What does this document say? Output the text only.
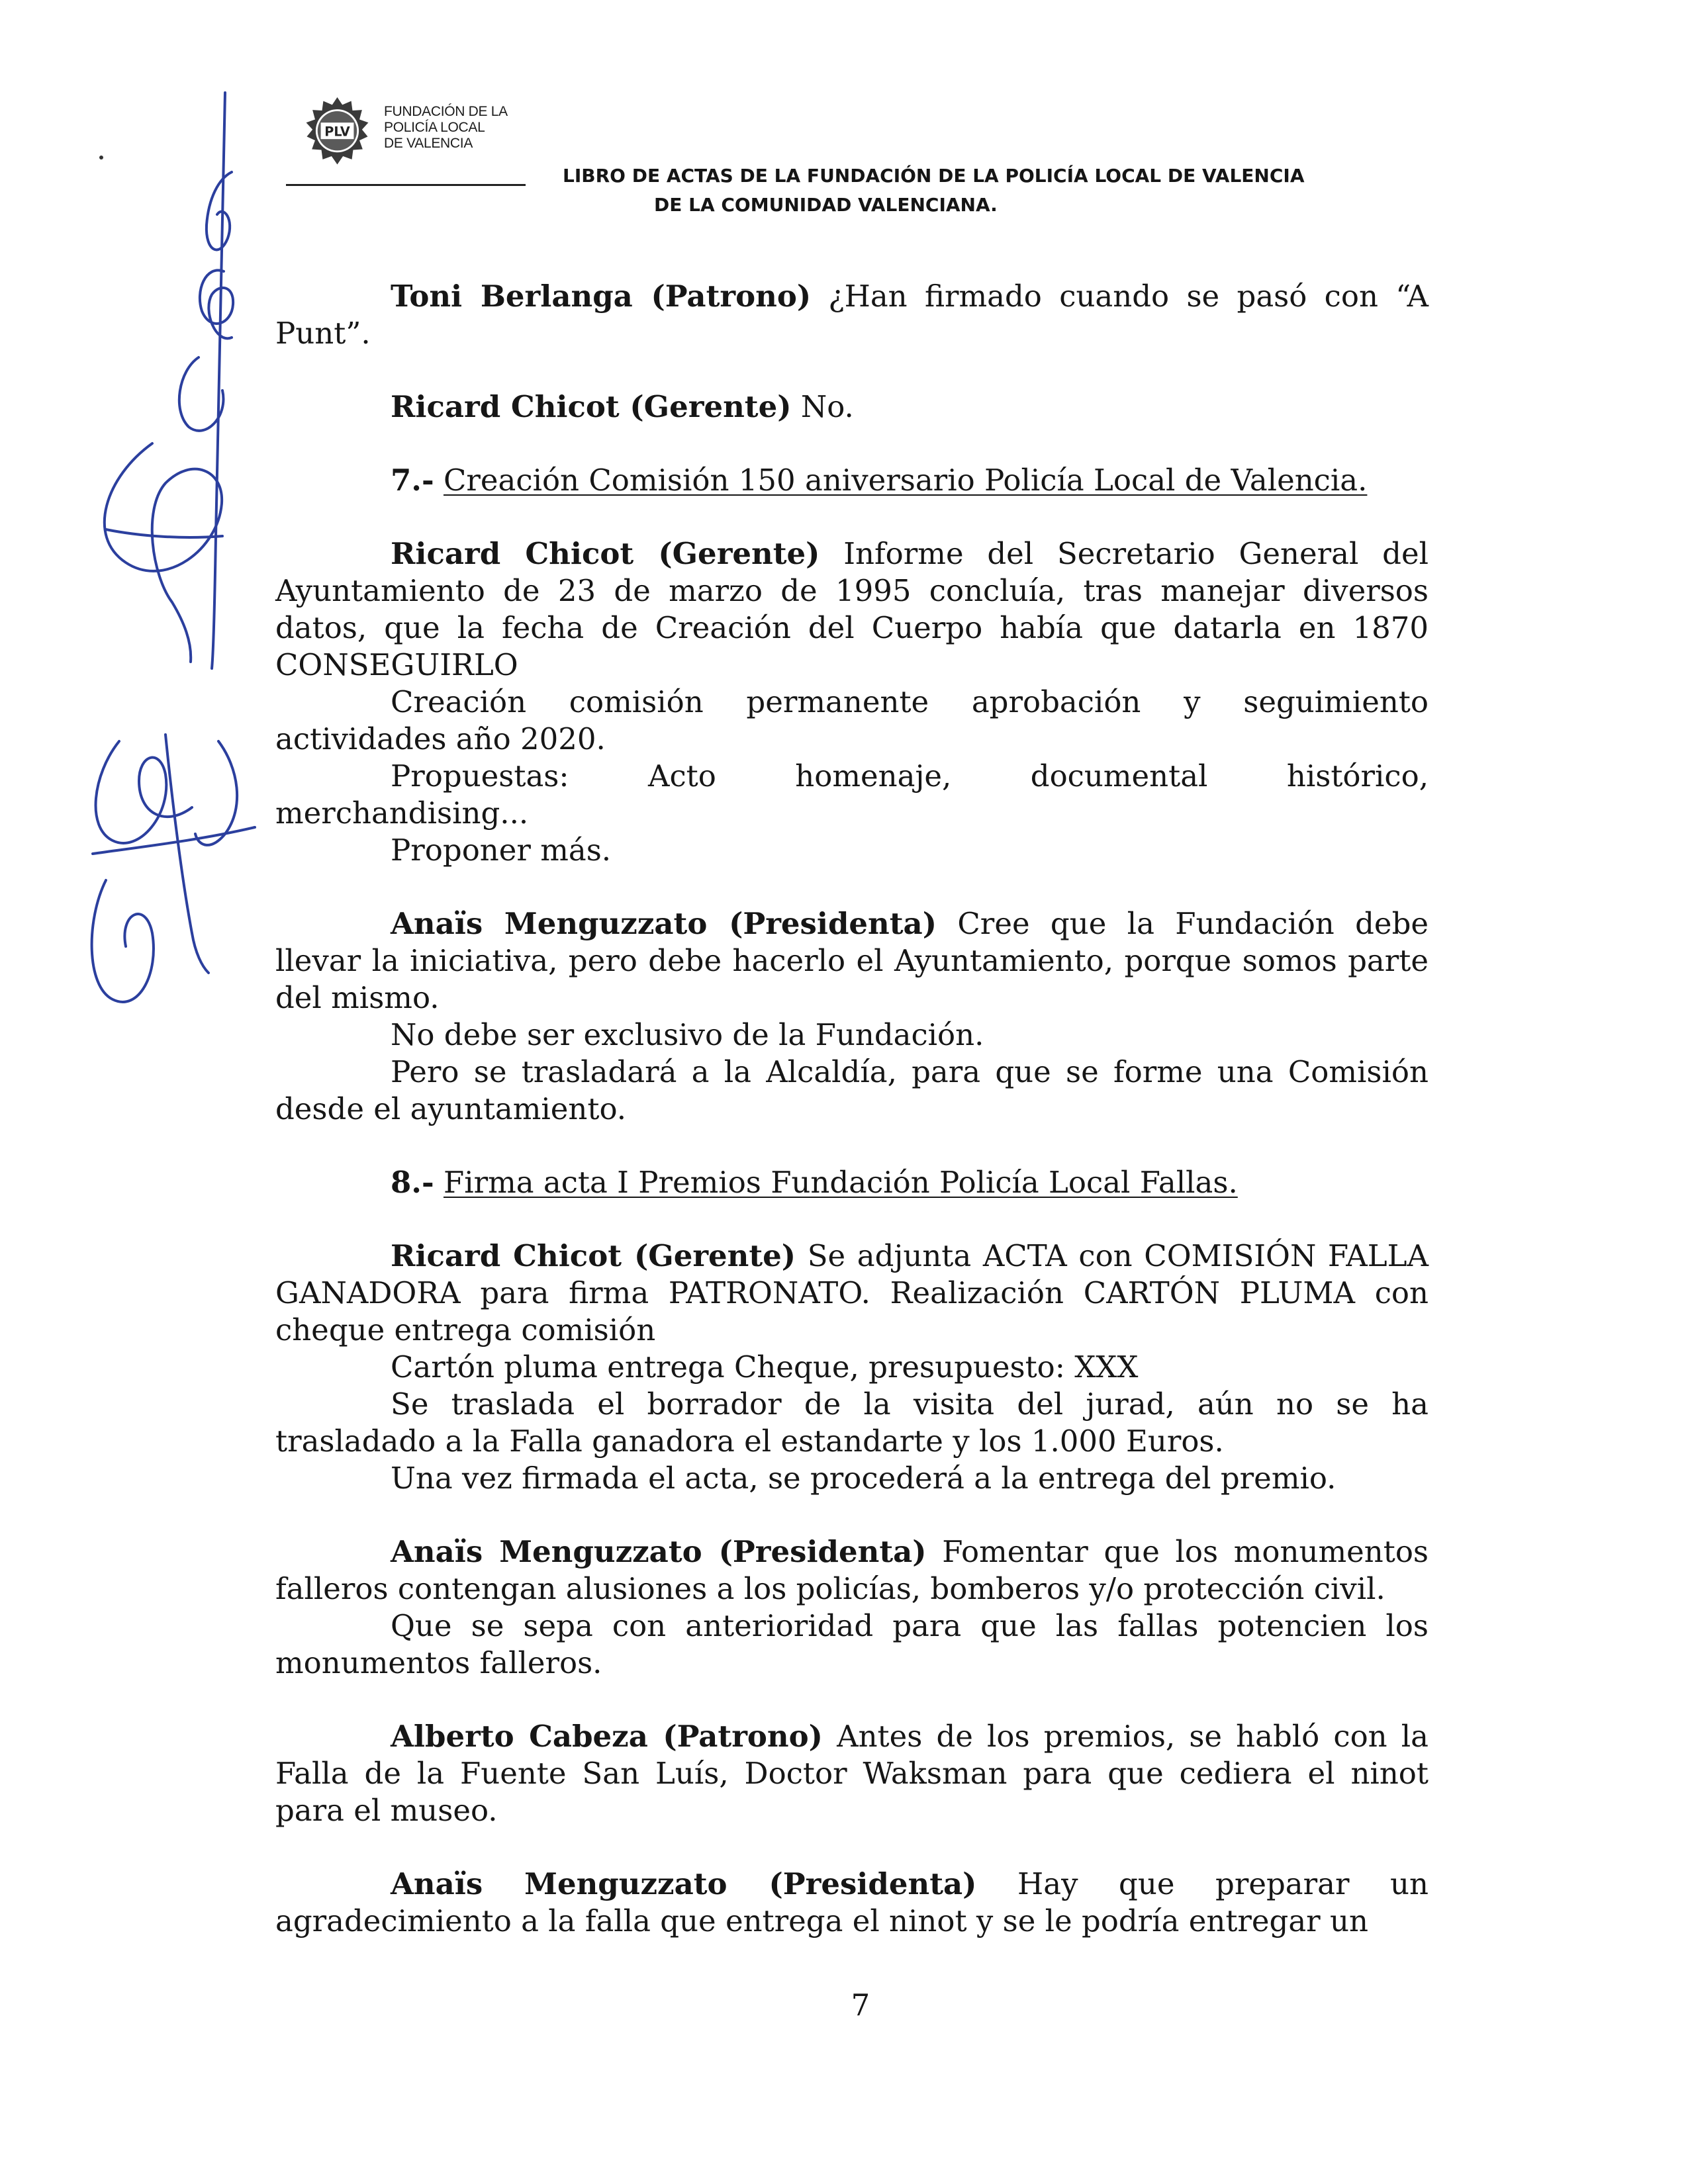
PLV
FUNDACIÓN DE LA
POLICÍA LOCAL
DE VALENCIA
LIBRO DE ACTAS DE LA FUNDACIÓN DE LA POLICÍA LOCAL DE VALENCIA
DE LA COMUNIDAD VALENCIANA.

Toni Berlanga (Patrono) ¿Han firmado cuando se pasó con “A Punt”.

Ricard Chicot (Gerente) No.

7.- Creación Comisión 150 aniversario Policía Local de Valencia.

Ricard Chicot (Gerente) Informe del Secretario General del Ayuntamiento de 23 de marzo de 1995 concluía, tras manejar diversos datos, que la fecha de Creación del Cuerpo había que datarla en 1870 CONSEGUIRLO

Creación comisión permanente aprobación y seguimiento

actividades año 2020.

Propuestas: Acto homenaje, documental histórico,

merchandising...

Proponer más.

Anaïs Menguzzato (Presidenta) Cree que la Fundación debe llevar la iniciativa, pero debe hacerlo el Ayuntamiento, porque somos parte del mismo.

No debe ser exclusivo de la Fundación.

Pero se trasladará a la Alcaldía, para que se forme una Comisión desde el ayuntamiento.

8.- Firma acta I Premios Fundación Policía Local Fallas.

Ricard Chicot (Gerente) Se adjunta ACTA con COMISIÓN FALLA GANADORA para firma PATRONATO. Realización CARTÓN PLUMA con cheque entrega comisión

Cartón pluma entrega Cheque, presupuesto: XXX

Se traslada el borrador de la visita del jurad, aún no se ha trasladado a la Falla ganadora el estandarte y los 1.000 Euros.

Una vez firmada el acta, se procederá a la entrega del premio.

Anaïs Menguzzato (Presidenta) Fomentar que los monumentos falleros contengan alusiones a los policías, bomberos y/o protección civil.

Que se sepa con anterioridad para que las fallas potencien los monumentos falleros.

Alberto Cabeza (Patrono) Antes de los premios, se habló con la Falla de la Fuente San Luís, Doctor Waksman para que cediera el ninot para el museo.

Anaïs Menguzzato (Presidenta) Hay que preparar un agradecimiento a la falla que entrega el ninot y se le podría entregar un

7
